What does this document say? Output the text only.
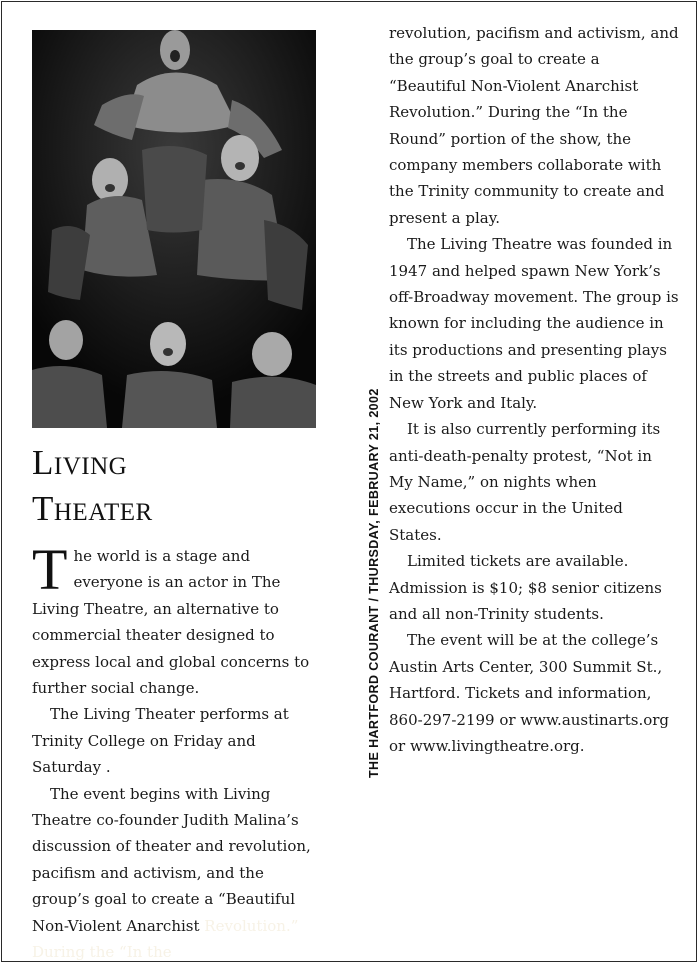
Living
Theater

The world is a stage and everyone is an actor in The Living Theatre, an alternative to commercial theater designed to express local and global concerns to further social change.

The Living Theater performs at Trinity College on Friday and Saturday .

The event begins with Living Theatre co-founder Judith Malina’s discussion of theater and revolution, pacifism and activism, and the group’s goal to create a “Beautiful Non-Violent Anarchist Revolution.” During the “In the

THE HARTFORD COURANT / THURSDAY, FEBRUARY 21, 2002

revolution, pacifism and activism, and the group’s goal to create a “Beautiful Non-Violent Anarchist Revolution.” During the “In the Round” portion of the show, the company members collaborate with the Trinity community to create and present a play.

The Living Theatre was founded in 1947 and helped spawn New York’s off-Broadway movement. The group is known for including the audience in its productions and presenting plays in the streets and public places of New York and Italy.

It is also currently performing its anti-death-penalty protest, “Not in My Name,” on nights when executions occur in the United States.

Limited tickets are available. Admission is $10; $8 senior citizens and all non-Trinity students.

The event will be at the college’s Austin Arts Center, 300 Summit St., Hartford. Tickets and information, 860-297-2199 or www.austinarts.org or www.livingtheatre.org.
